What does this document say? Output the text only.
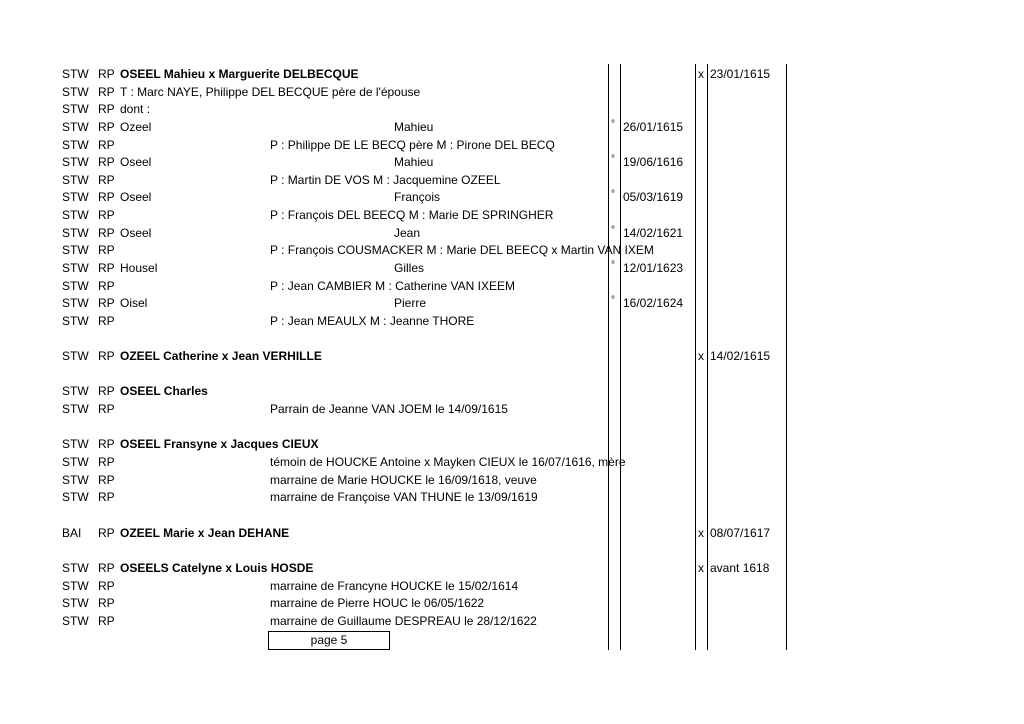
STW RP OSEEL Mahieu x Marguerite DELBECQUE	x 23/01/1615
STW RP T : Marc NAYE, Philippe DEL BECQUE père de l'épouse
STW RP dont :
STW RP Ozeel	Mahieu	° 26/01/1615
STW RP	P : Philippe DE LE BECQ père M : Pirone DEL BECQ
STW RP Oseel	Mahieu	° 19/06/1616
STW RP	P : Martin DE VOS M : Jacquemine OZEEL
STW RP Oseel	François	° 05/03/1619
STW RP	P : François DEL BEECQ M : Marie DE SPRINGHER
STW RP Oseel	Jean	° 14/02/1621
STW RP	P : François COUSMACKER M : Marie DEL BEECQ x Martin VAN IXEM
STW RP Housel	Gilles	° 12/01/1623
STW RP	P : Jean CAMBIER M : Catherine VAN IXEEM
STW RP Oisel	Pierre	° 16/02/1624
STW RP	P : Jean MEAULX M : Jeanne THORE
STW RP OZEEL Catherine x Jean VERHILLE	x 14/02/1615
STW RP OSEEL Charles
STW RP	Parrain de Jeanne VAN JOEM le 14/09/1615
STW RP OSEEL Fransyne x Jacques CIEUX
STW RP	témoin de HOUCKE Antoine x Mayken CIEUX le 16/07/1616, mère
STW RP	marraine de Marie HOUCKE le 16/09/1618, veuve
STW RP	marraine de Françoise VAN THUNE le 13/09/1619
BAI RP OZEEL Marie x Jean DEHANE	x 08/07/1617
STW RP OSEELS Catelyne x Louis HOSDE	x avant 1618
STW RP	marraine de Francyne HOUCKE le 15/02/1614
STW RP	marraine de Pierre HOUC le 06/05/1622
STW RP	marraine de Guillaume DESPREAU le 28/12/1622
page 5
